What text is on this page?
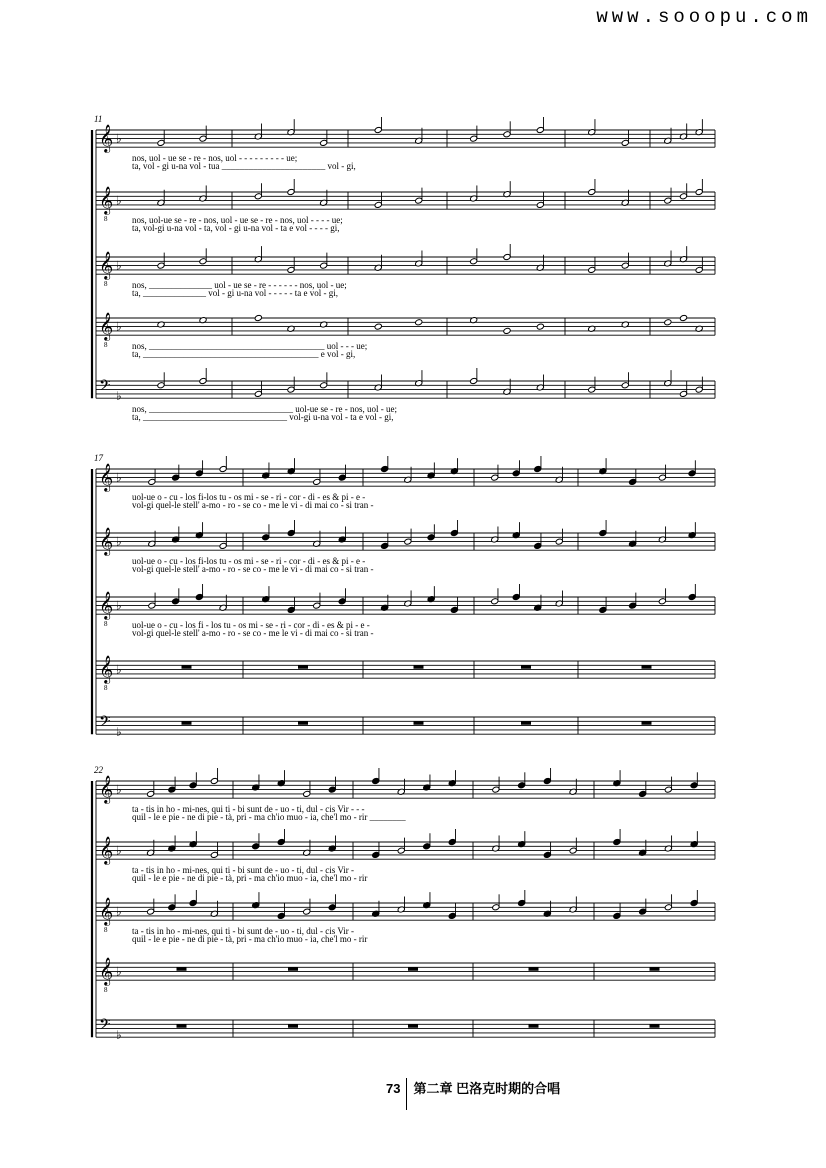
www.sooopu.com
11
𝄞 ♭
nos, uol - ue se - re - nos, uol - - - - - - - - - ue;
ta, vol - gi u-na vol - tua _______________________ vol - gi,
𝄞
8
♭
nos, uol-ue se - re - nos, uol - ue se - re - nos, uol - - - - ue;
ta, vol-gi u-na vol - ta, vol - gi u-na vol - ta e vol - - - - gi,
𝄞
8
♭
nos, ______________ uol - ue se - re - - - - - - nos, uol - ue;
ta, ______________ vol - gi u-na vol - - - - - ta e vol - gi,
𝄞
8
♭
nos, _______________________________________ uol - - - ue;
ta, _______________________________________ e vol - gi,
𝄢 ♭
nos, ________________________________ uol-ue se - re - nos, uol - ue;
ta, ________________________________ vol-gi u-na vol - ta e vol - gi,
17
𝄞 ♭
uol-ue o - cu - los fi-los tu - os mi - se - ri - cor - di - es & pi - e -
vol-gi quel-le stell' a-mo - ro - se co - me le vi - di mai co - si tran -
𝄞 ♭
uol-ue o - cu - los fi-los tu - os mi - se - ri - cor - di - es & pi - e -
vol-gi quel-le stell' a-mo - ro - se co - me le vi - di mai co - si tran -
𝄞
8
♭
uol-ue o - cu - los fi - los tu - os mi - se - ri - cor - di - es & pi - e -
vol-gi quel-le stell' a-mo - ro - se co - me le vi - di mai co - si tran -
𝄞
8
♭
𝄢 ♭
22
𝄞 ♭
ta - tis in ho - mi-nes, qui ti - bi sunt de - uo - ti, dul - cis Vir - - -
quil - le e pie - ne di pie - tà, pri - ma ch'io muo - ia, che'l mo - rir ________
𝄞 ♭
ta - tis in ho - mi-nes, qui ti - bi sunt de - uo - ti, dul - cis Vir -
quil - le e pie - ne di pie - tà, pri - ma ch'io muo - ia, che'l mo - rir
𝄞
8
♭
ta - tis in ho - mi-nes, qui ti - bi sunt de - uo - ti, dul - cis Vir -
quil - le e pie - ne di pie - tà, pri - ma ch'io muo - ia, che'l mo - rir
𝄞
8
♭
𝄢 ♭
73 第二章 巴洛克时期的合唱
